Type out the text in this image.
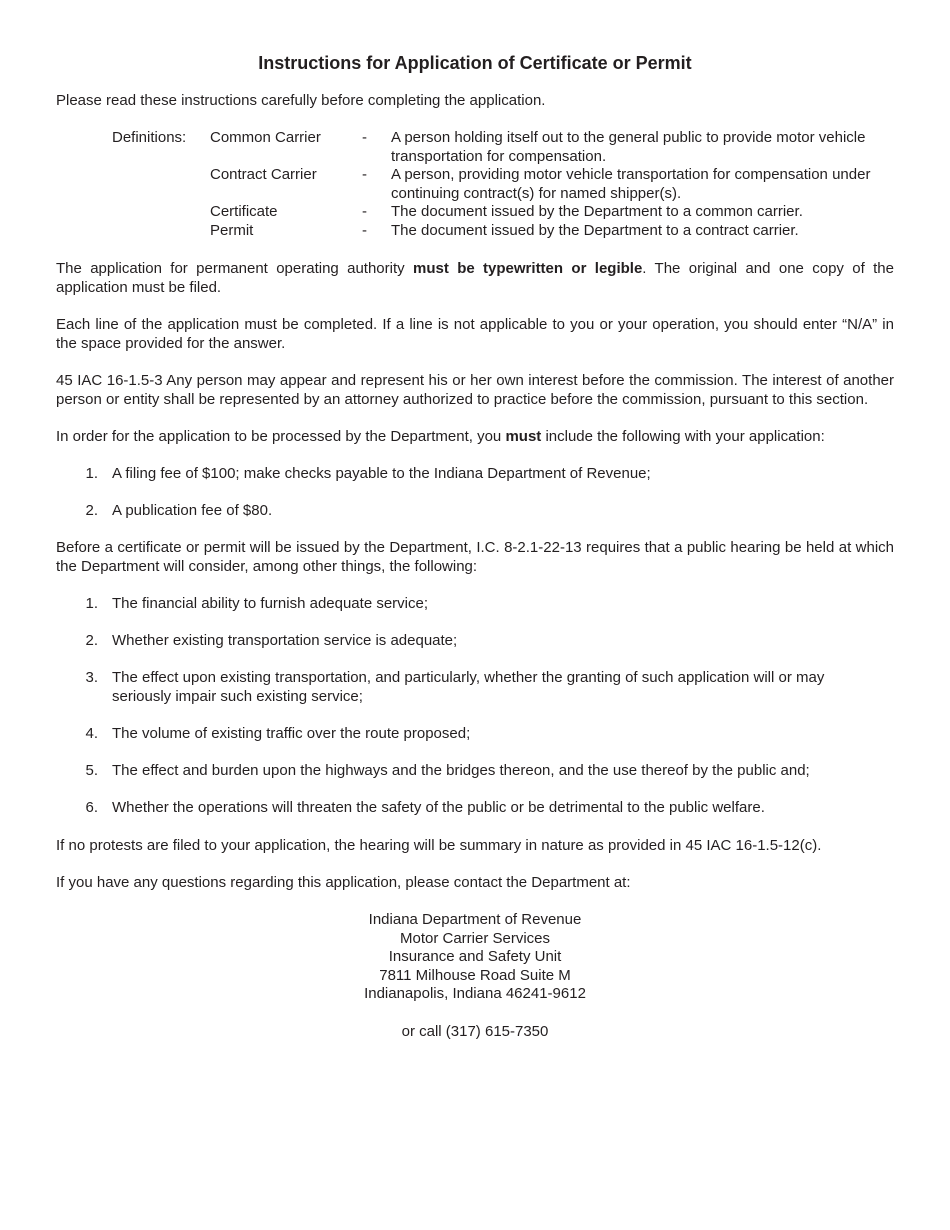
Instructions for Application of Certificate or Permit

Please read these instructions carefully before completing the application.

Definitions: Common Carrier	- A person holding itself out to the general public to provide motor vehicle transportation for compensation.
Contract Carrier	- A person, providing motor vehicle transportation for compensation under continuing contract(s) for named shipper(s).
Certificate	- The document issued by the Department to a common carrier.
Permit	- The document issued by the Department to a contract carrier.

The application for permanent operating authority must be typewritten or legible. The original and one copy of the application must be filed.

Each line of the application must be completed. If a line is not applicable to you or your operation, you should enter “N/A” in the space provided for the answer.

45 IAC 16-1.5-3 Any person may appear and represent his or her own interest before the commission. The interest of another person or entity shall be represented by an attorney authorized to practice before the commission, pursuant to this section.

In order for the application to be processed by the Department, you must include the following with your application:

1. A filing fee of $100; make checks payable to the Indiana Department of Revenue;
2. A publication fee of $80.

Before a certificate or permit will be issued by the Department, I.C. 8-2.1-22-13 requires that a public hearing be held at which the Department will consider, among other things, the following:

1. The financial ability to furnish adequate service;
2. Whether existing transportation service is adequate;
3. The effect upon existing transportation, and particularly, whether the granting of such application will or may seriously impair such existing service;
4. The volume of existing traffic over the route proposed;
5. The effect and burden upon the highways and the bridges thereon, and the use thereof by the public and;
6. Whether the operations will threaten the safety of the public or be detrimental to the public welfare.

If no protests are filed to your application, the hearing will be summary in nature as provided in 45 IAC 16-1.5-12(c).

If you have any questions regarding this application, please contact the Department at:

Indiana Department of Revenue
Motor Carrier Services
Insurance and Safety Unit
7811 Milhouse Road Suite M
Indianapolis, Indiana 46241-9612
or call (317) 615-7350
